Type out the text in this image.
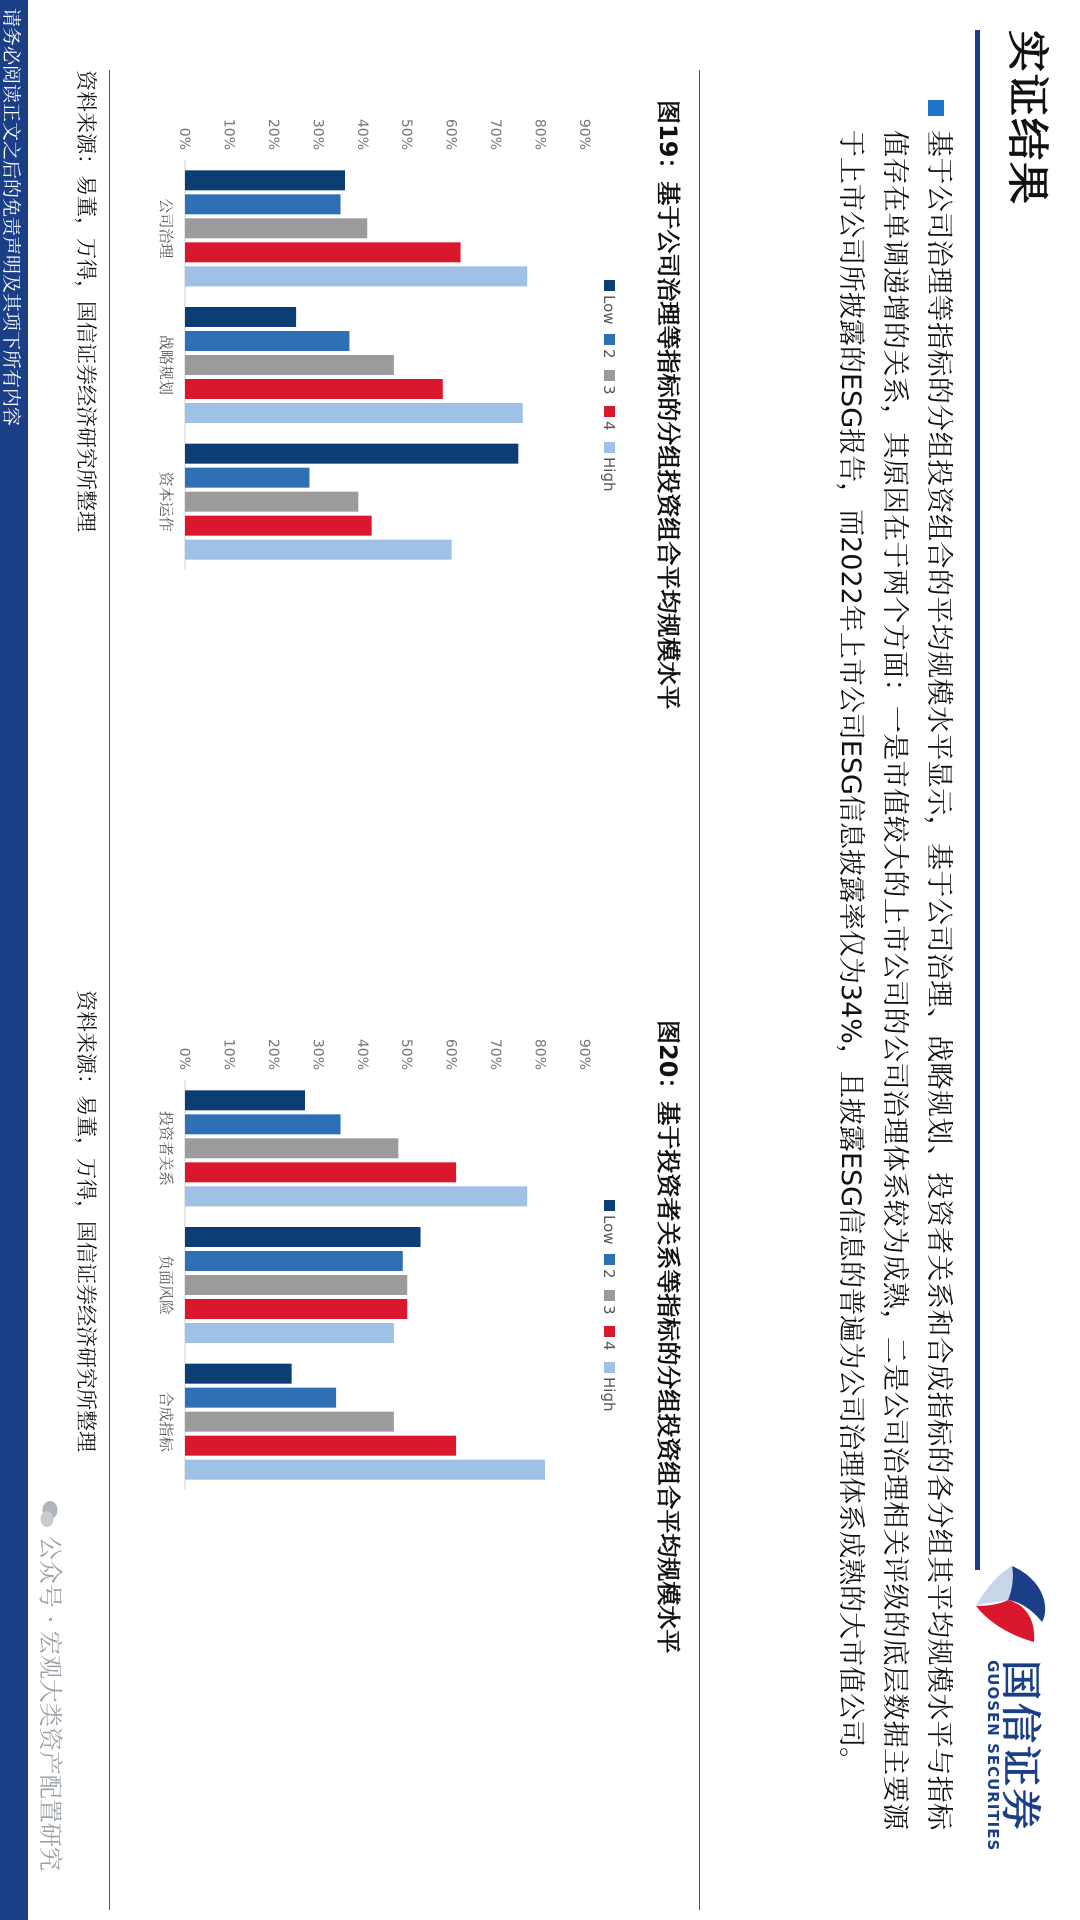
实证结果
国信证券
GUOSEN SECURITIES
基于公司治理等指标的分组投资组合的平均规模水平显示，基于公司治理、战略规划、投资者关系和合成指标的各分组其平均规模水平与指标值存在单调递增的关系，其原因在于两个方面：一是市值较大的上市公司的公司治理体系较为成熟，二是公司治理相关评级的底层数据主要源于上市公司所披露的ESG报告，而2022年上市公司ESG信息披露率仅为34%，且披露ESG信息的普遍为公司治理体系成熟的大市值公司。
图19：基于公司治理等指标的分组投资组合平均规模水平
0% 10% 20% 30% 40% 50% 60% 70% 80% 90%
Low
2
3
4
High
公司治理
战略规划
资本运作
资料来源：易董，万得，国信证券经济研究所整理
图20：基于投资者关系等指标的分组投资组合平均规模水平
0% 10% 20% 30% 40% 50% 60% 70% 80% 90%
Low
2
3
4
High
投资者关系
负面风险
合成指标
资料来源：易董，万得，国信证券经济研究所整理
公众号 · 宏观大类资产配置研究
请务必阅读正文之后的免责声明及其项下所有内容
